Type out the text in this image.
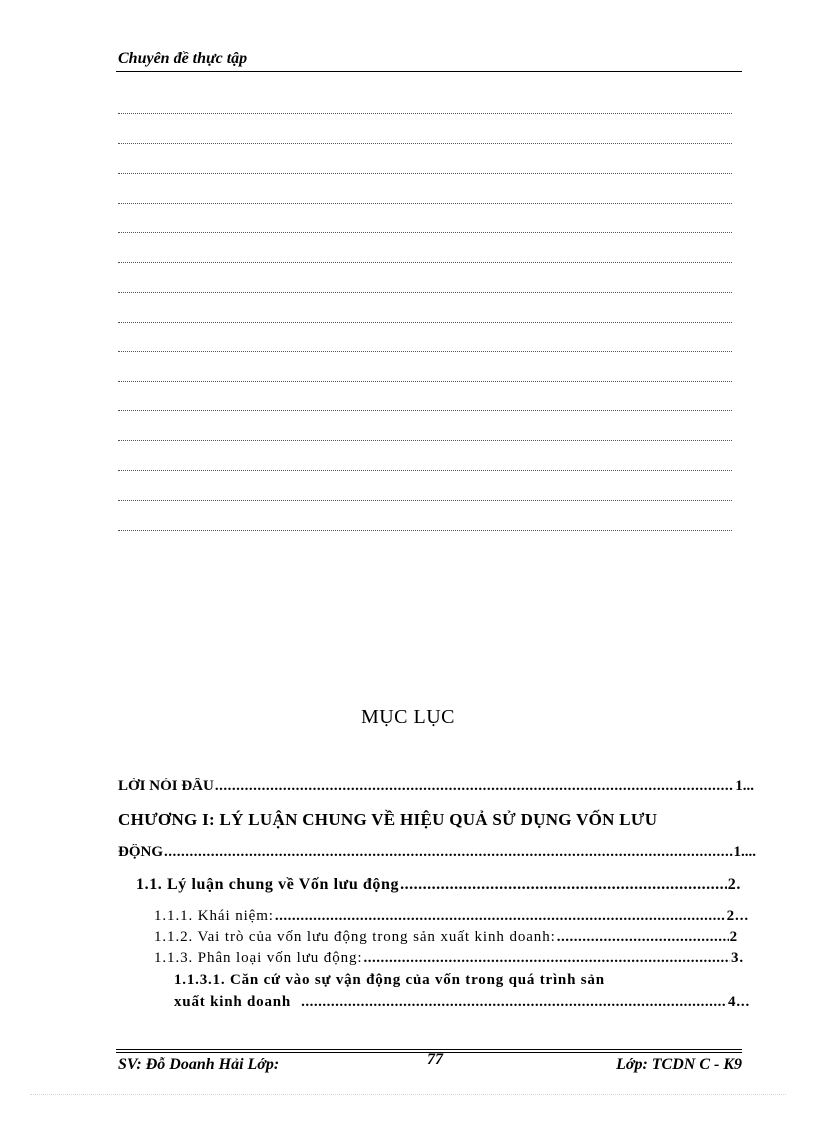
Chuyên đề thực tập
MỤC LỤC
LỜI NÓI ĐẦU .....	1 ...
CHƯƠNG I: LÝ LUẬN CHUNG VỀ HIỆU QUẢ SỬ DỤNG VỐN LƯU
ĐỘNG .....	1 ....
1.1. Lý luận chung về Vốn lưu động .....	2 .
1.1.1. Khái niệm: .....	2 ...
1.1.2. Vai trò của vốn lưu động trong sản xuất kinh doanh: .....	2
1.1.3. Phân loại vốn lưu động: .....	3 .
1.1.3.1. Căn cứ vào sự vận động của vốn trong quá trình sản
xuất kinh doanh .....	4 ...
SV: Đỗ Doanh Hải Lớp:	77	Lớp: TCDN C - K9
